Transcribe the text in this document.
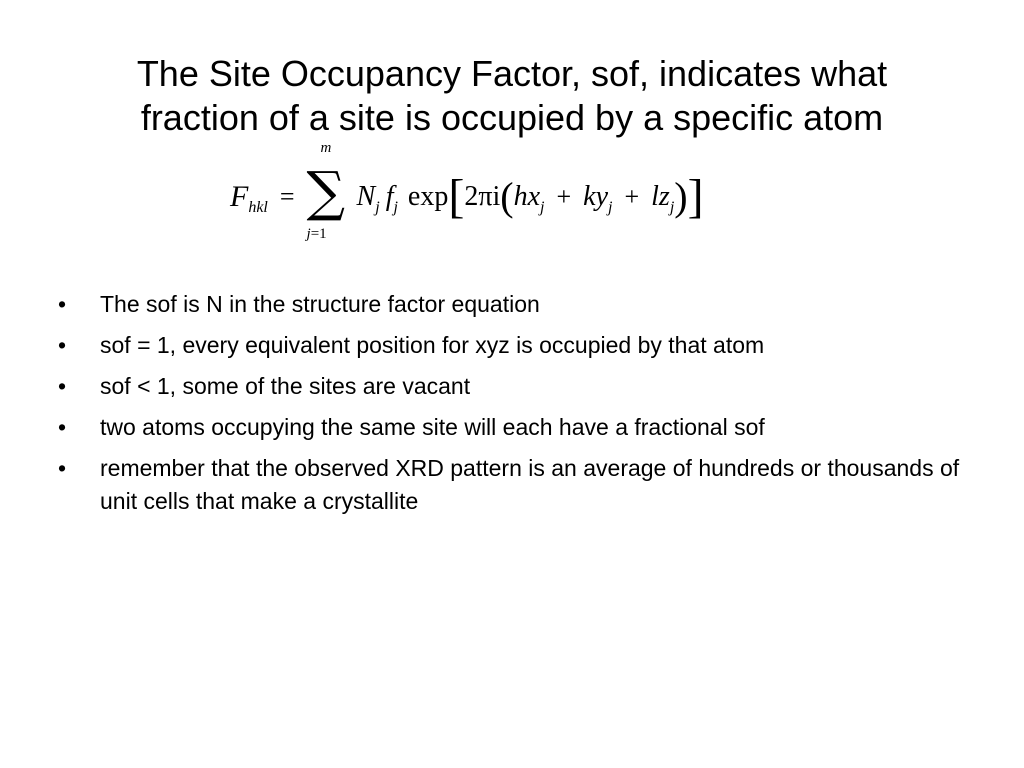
The Site Occupancy Factor, sof, indicates what
fraction of a site is occupied by a specific atom
F hkl =
m
∑
j=1
N j f j exp [ 2πi ( hx j + ky j + lz j ) ]
• The sof is N in the structure factor equation
• sof = 1, every equivalent position for xyz is occupied by that atom
• sof < 1, some of the sites are vacant
• two atoms occupying the same site will each have a fractional sof
• remember that the observed XRD pattern is an average of hundreds or thousands of unit cells that make a crystallite
